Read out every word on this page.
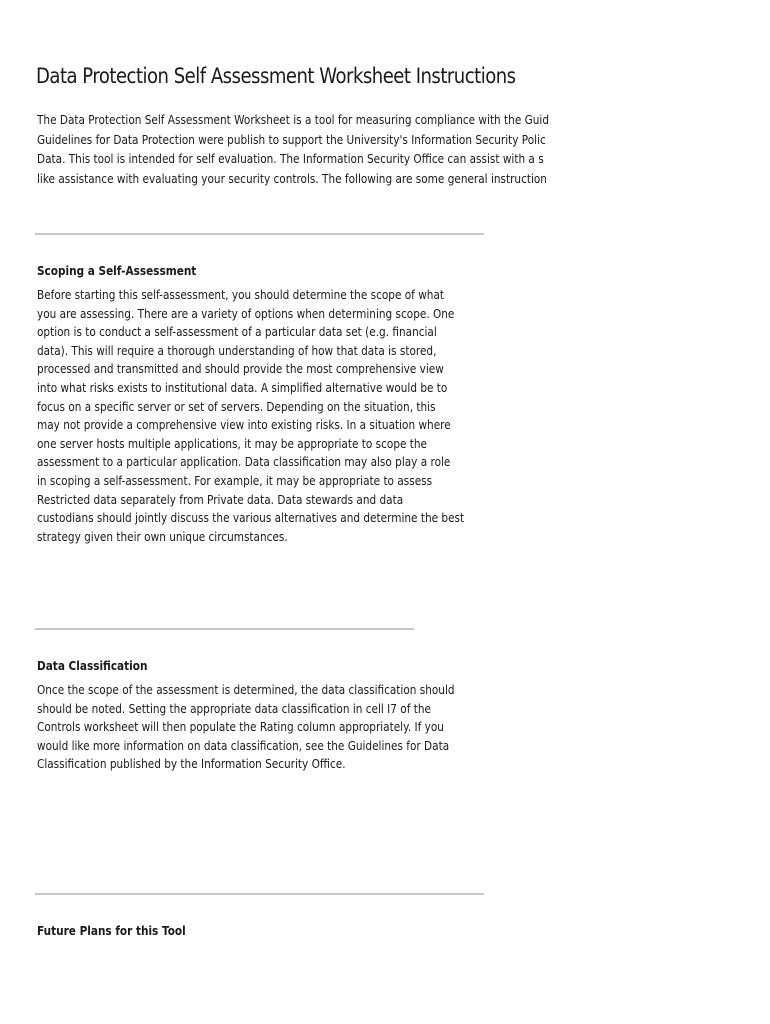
Data Protection Self Assessment Worksheet Instructions
The Data Protection Self Assessment Worksheet is a tool for measuring compliance with the Guid
Guidelines for Data Protection were publish to support the University's Information Security Polic
Data. This tool is intended for self evaluation. The Information Security Office can assist with a s
like assistance with evaluating your security controls. The following are some general instruction
Scoping a Self-Assessment
Before starting this self-assessment, you should determine the scope of what
you are assessing. There are a variety of options when determining scope. One
option is to conduct a self-assessment of a particular data set (e.g. financial
data). This will require a thorough understanding of how that data is stored,
processed and transmitted and should provide the most comprehensive view
into what risks exists to institutional data. A simplified alternative would be to
focus on a specific server or set of servers. Depending on the situation, this
may not provide a comprehensive view into existing risks. In a situation where
one server hosts multiple applications, it may be appropriate to scope the
assessment to a particular application. Data classification may also play a role
in scoping a self-assessment. For example, it may be appropriate to assess
Restricted data separately from Private data. Data stewards and data
custodians should jointly discuss the various alternatives and determine the best
strategy given their own unique circumstances.
Data Classification
Once the scope of the assessment is determined, the data classification should
should be noted. Setting the appropriate data classification in cell I7 of the
Controls worksheet will then populate the Rating column appropriately. If you
would like more information on data classification, see the Guidelines for Data
Classification published by the Information Security Office.
Future Plans for this Tool
